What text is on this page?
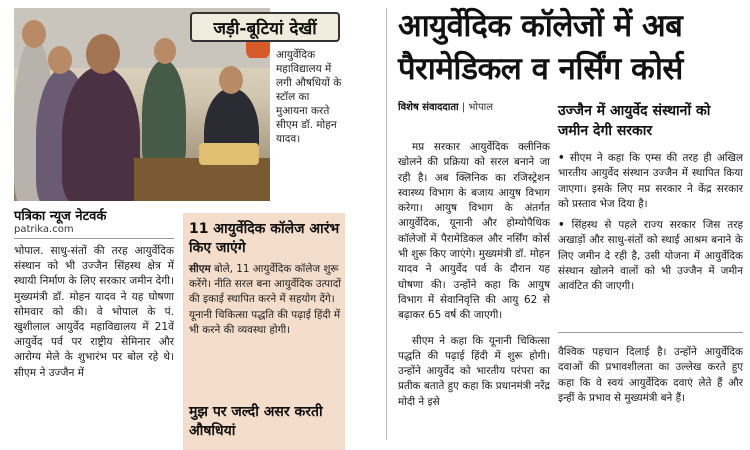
जड़ी-बूटियां देखीं
आयुर्वेदिक महाविद्यालय में लगी औषधियों के स्टॉल का मुआयना करते सीएम डॉ. मोहन यादव।
पत्रिका न्यूज नेटवर्क
patrika.com
भोपाल. साधु-संतों की तरह आयुर्वेदिक संस्थान को भी उज्जैन सिंहस्थ क्षेत्र में स्थायी निर्माण के लिए सरकार जमीन देगी। मुख्यमंत्री डॉ. मोहन यादव ने यह घोषणा सोमवार को की। वे भोपाल के पं. खुशीलाल आयुर्वेद महाविद्यालय में 21वें आयुर्वेद पर्व पर राष्ट्रीय सेमिनार और आरोग्य मेले के शुभारंभ पर बोल रहे थे। सीएम ने उज्जैन में
11 आयुर्वेदिक कॉलेज आरंभ किए जाएंगे
सीएम बोले, 11 आयुर्वेदिक कॉलेज शुरू करेंगे। नीति सरल बना आयुर्वेदिक उत्पादों की इकाई स्थापित करने में सहयोग देंगे। यूनानी चिकित्सा पद्धति की पढ़ाई हिंदी में भी करने की व्यवस्था होगी।
मुझ पर जल्दी असर करती औषधियां
आयुर्वेदिक कॉलेजों में अब पैरामेडिकल व नर्सिंग कोर्स
विशेष संवाददाता | भोपाल

मप्र सरकार आयुर्वेदिक क्लीनिक खोलने की प्रक्रिया को सरल बनाने जा रही है। अब क्लिनिक का रजिस्ट्रेशन स्वास्थ्य विभाग के बजाय आयुष विभाग करेगा। आयुष विभाग के अंतर्गत आयुर्वेदिक, यूनानी और होम्योपैथिक कॉलेजों में पैरामेडिकल और नर्सिंग कोर्स भी शुरू किए जाएंगे। मुख्यमंत्री डॉ. मोहन यादव ने आयुर्वेद पर्व के दौरान यह घोषणा की। उन्होंने कहा कि आयुष विभाग में सेवानिवृत्ति की आयु 62 से बढ़ाकर 65 वर्ष की जाएगी।

सीएम ने कहा कि यूनानी चिकित्सा पद्धति की पढ़ाई हिंदी में शुरू होगी। उन्होंने आयुर्वेद को भारतीय परंपरा का प्रतीक बताते हुए कहा कि प्रधानमंत्री नरेंद्र मोदी ने इसे

उज्जैन में आयुर्वेद संस्थानों को जमीन देगी सरकार

• सीएम ने कहा कि एम्स की तरह ही अखिल भारतीय आयुर्वेद संस्थान उज्जैन में स्थापित किया जाएगा। इसके लिए मप्र सरकार ने केंद्र सरकार को प्रस्ताव भेज दिया है।

• सिंहस्थ से पहले राज्य सरकार जिस तरह अखाड़ों और साधु-संतों को स्थाई आश्रम बनाने के लिए जमीन दे रही है, उसी योजना में आयुर्वेदिक संस्थान खोलने वालों को भी उज्जैन में जमीन आवंटित की जाएगी।

वैश्विक पहचान दिलाई है। उन्होंने आयुर्वेदिक दवाओं की प्रभावशीलता का उल्लेख करते हुए कहा कि वे स्वयं आयुर्वेदिक दवाएं लेते हैं और इन्हीं के प्रभाव से मुख्यमंत्री बने हैं।
